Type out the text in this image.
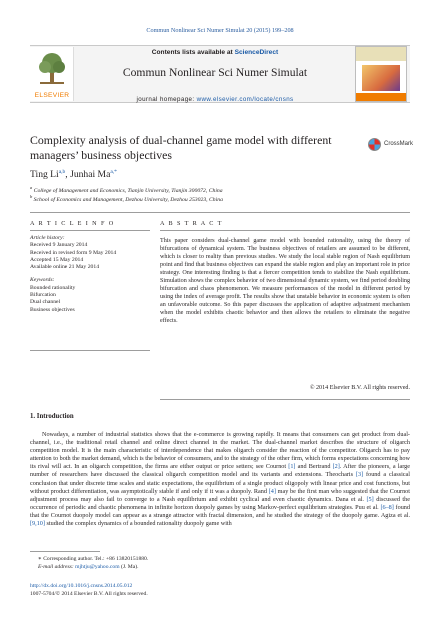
Commun Nonlinear Sci Numer Simulat 20 (2015) 199–208
ELSEVIER
Contents lists available at ScienceDirect
Commun Nonlinear Sci Numer Simulat
journal homepage: www.elsevier.com/locate/cnsns
Complexity analysis of dual-channel game model with different
managers’ business objectives
CrossMark
Ting Li$^{a,b}$, Junhai $Ma^{a,*}$
$^a$ College of Management and Economics, Tianjin University, Tianjin 300072, China
$^b$ School of Economics and Management, Dezhou University, Dezhou 253023, China
A R T I C L E I N F O	A B S T R A C T
Article history:
Received 9 January 2014
Received in revised form 9 May 2014
Accepted 15 May 2014
Available online 21 May 2014
Keywords:
Bounded rationality
Bifurcation
Dual channel
Business objectives
This paper considers dual-channel game model with bounded rationality, using the theory of bifurcations of dynamical system. The business objectives of retailers are assumed to be different, which is closer to reality than previous studies. We study the local stable region of Nash equilibrium point and find that business objectives can expand the stable region and play an important role in price strategy. One interesting finding is that a fiercer competition tends to stabilize the Nash equilibrium. Simulation shows the complex behavior of two dimensional dynamic system, we find period doubling bifurcation and chaos phenomenon. We measure performances of the model in different period by using the index of average profit. The results show that unstable behavior in economic system is often an unfavorable outcome. So this paper discusses the application of adaptive adjustment mechanism when the model exhibits chaotic behavior and then allows the retailers to eliminate the negative effects.
© 2014 Elsevier B.V. All rights reserved.
1. Introduction
Nowadays, a number of industrial statistics shows that the e-commerce is growing rapidly. It means that consumers can get product from dual-channel, i.e., the traditional retail channel and online direct channel in the market. The dual-channel market describes the structure of oligarch competition model. It is the main characteristic of interdependence that makes oligarch consider the reaction of the competitor. Oligarch has to pay attention to both the market demand, which is the behavior of consumers, and to the strategy of the other firm, which forms expectations concerning how its rival will act. In an oligarch competition, the firms are either output or price setters; see Cournot [1] and Bertrand [2]. After the pioneers, a large number of researchers have discussed the classical oligarch competition model and its variants and extensions. Theocharis [3] found a classical conclusion that under discrete time scales and static expectations, the equilibrium of a single product oligopoly with linear price and cost functions, but without product differentiation, was asymptotically stable if and only if it was a duopoly. Rand [4] may be the first man who suggested that the Cournot adjustment process may also fail to converge to a Nash equilibrium and exhibit cyclical and even chaotic dynamics. Dana et al. [5] discussed the occurrence of periodic and chaotic phenomena in infinite horizon duopoly games by using Markov-perfect equilibrium strategies. Puu et al. [6–8] found that the Cournot duopoly model can appear as a strange attractor with fractal dimension, and he studied the strategy of the duopoly game. Agiza et al. [9,10] studied the complex dynamics of a bounded rationality duopoly game with
∗ Corresponding author. Tel.: +86 13820151880.
E-mail address: mjhtju@yahoo.com (J. Ma).
http://dx.doi.org/10.1016/j.cnsns.2014.05.012
1007-5704/© 2014 Elsevier B.V. All rights reserved.
